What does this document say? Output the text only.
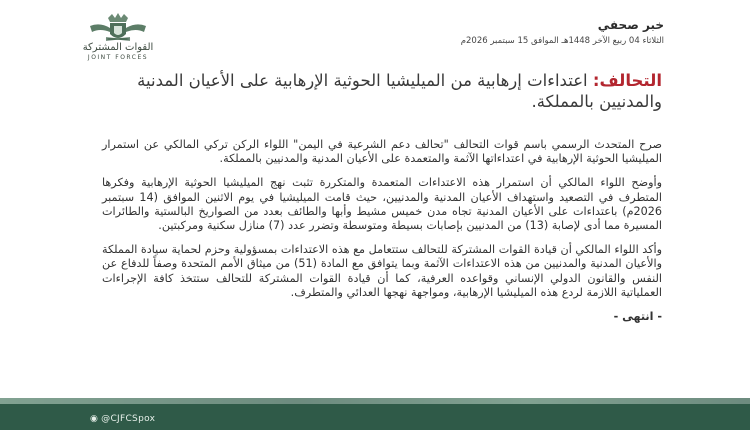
القوات المشتركة
JOINT FORCES
خبر صحفي
الثلاثاء 04 ربيع الآخر 1448هـ الموافق 15 سبتمبر 2026م
التحالف: اعتداءات إرهابية من الميليشيا الحوثية الإرهابية على الأعيان المدنية والمدنيين بالمملكة.

صرح المتحدث الرسمي باسم قوات التحالف "تحالف دعم الشرعية في اليمن" اللواء الركن تركي المالكي عن استمرار الميليشيا الحوثية الإرهابية في اعتداءاتها الآثمة والمتعمدة على الأعيان المدنية والمدنيين بالمملكة.

وأوضح اللواء المالكي أن استمرار هذه الاعتداءات المتعمدة والمتكررة تثبت نهج الميليشيا الحوثية الإرهابية وفكرها المتطرف في التصعيد واستهداف الأعيان المدنية والمدنيين، حيث قامت الميليشيا في يوم الاثنين الموافق (14 سبتمبر 2026م) باعتداءات على الأعيان المدنية تجاه مدن خميس مشيط وأبها والطائف بعدد من الصواريخ البالستية والطائرات المسيرة مما أدى لإصابة (13) من المدنيين بإصابات بسيطة ومتوسطة وتضرر عدد (7) منازل سكنية ومركبتين.

وأكد اللواء المالكي أن قيادة القوات المشتركة للتحالف ستتعامل مع هذه الاعتداءات بمسؤولية وحزم لحماية سيادة المملكة والأعيان المدنية والمدنيين من هذه الاعتداءات الآثمة وبما يتوافق مع المادة (51) من ميثاق الأمم المتحدة وصفاً للدفاع عن النفس والقانون الدولي الإنساني وقواعده العرفية، كما أن قيادة القوات المشتركة للتحالف ستتخذ كافة الإجراءات العملياتية اللازمة لردع هذه الميليشيا الإرهابية، ومواجهة نهجها العدائي والمتطرف.

- انتهى -

◉ @CJFCSpox
